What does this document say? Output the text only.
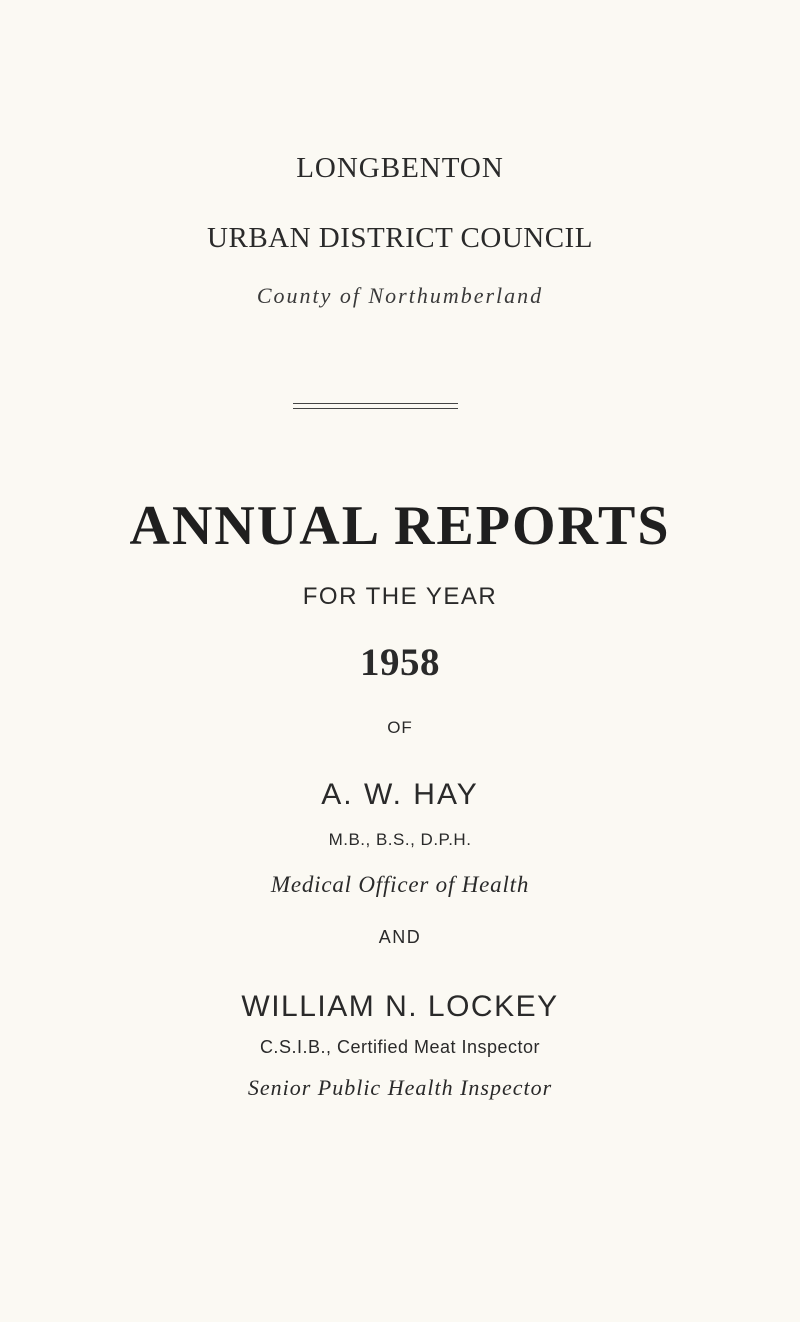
LONGBENTON
URBAN DISTRICT COUNCIL
County of Northumberland
ANNUAL REPORTS
FOR THE YEAR
1958
OF
A. W. HAY
M.B., B.S., D.P.H.
Medical Officer of Health
AND
WILLIAM N. LOCKEY
C.S.I.B., Certified Meat Inspector
Senior Public Health Inspector
